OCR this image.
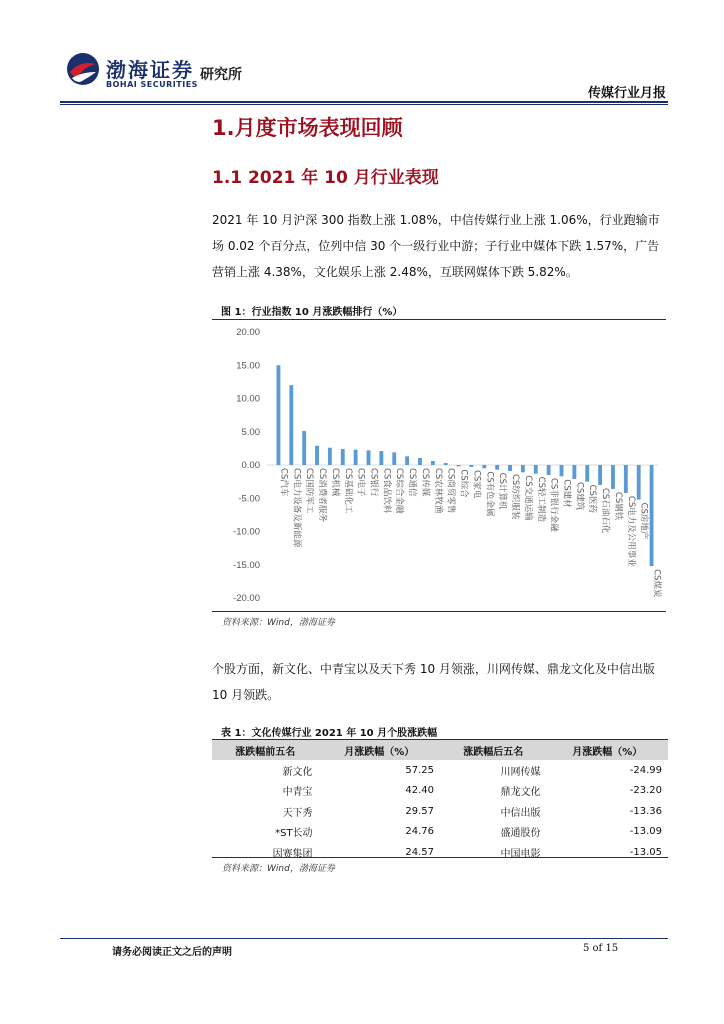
渤海证券
BOHAI SECURITIES
研究所
传媒行业月报
1.月度市场表现回顾
1.1 2021 年 10 月行业表现
2021 年 10 月沪深 300 指数上涨 1.08%，中信传媒行业上涨 1.06%，行业跑输市场 0.02 个百分点，位列中信 30 个一级行业中游；子行业中媒体下跌 1.57%，广告营销上涨 4.38%，文化娱乐上涨 2.48%，互联网媒体下跌 5.82%。
图 1：行业指数 10 月涨跌幅排行（%）
20.00
15.00
10.00
5.00
0.00
-5.00
-10.00
-15.00
-20.00
CS汽车 CS电力设备及新能源 CS国防军工 CS消费者服务 CS机械 CS基础化工 CS电子 CS银行 CS食品饮料 CS综合金融 CS通信 CS传媒 CS农林牧渔 CS商贸零售 CS综合 CS家电 CS有色金属 CS计算机 CS纺织服装 CS交通运输 CS轻工制造 CS非银行金融 CS建材 CS建筑 CS医药 CS石油石化 CS钢铁 CS电力及公用事业 CS房地产
CS煤炭
资料来源：Wind，渤海证券
个股方面，新文化、中青宝以及天下秀 10 月领涨，川网传媒、鼎龙文化及中信出版 10 月领跌。
表 1：文化传媒行业 2021 年 10 月个股涨跌幅
涨跌幅前五名	月涨跌幅（%）	涨跌幅后五名	月涨跌幅（%）
新文化	57.25	川网传媒	-24.99
中青宝	42.40	鼎龙文化	-23.20
天下秀	29.57	中信出版	-13.36
*ST长动	24.76	盛通股份	-13.09
因赛集团	24.57	中国电影	-13.05
资料来源：Wind，渤海证券
请务必阅读正文之后的声明	5 of 15
